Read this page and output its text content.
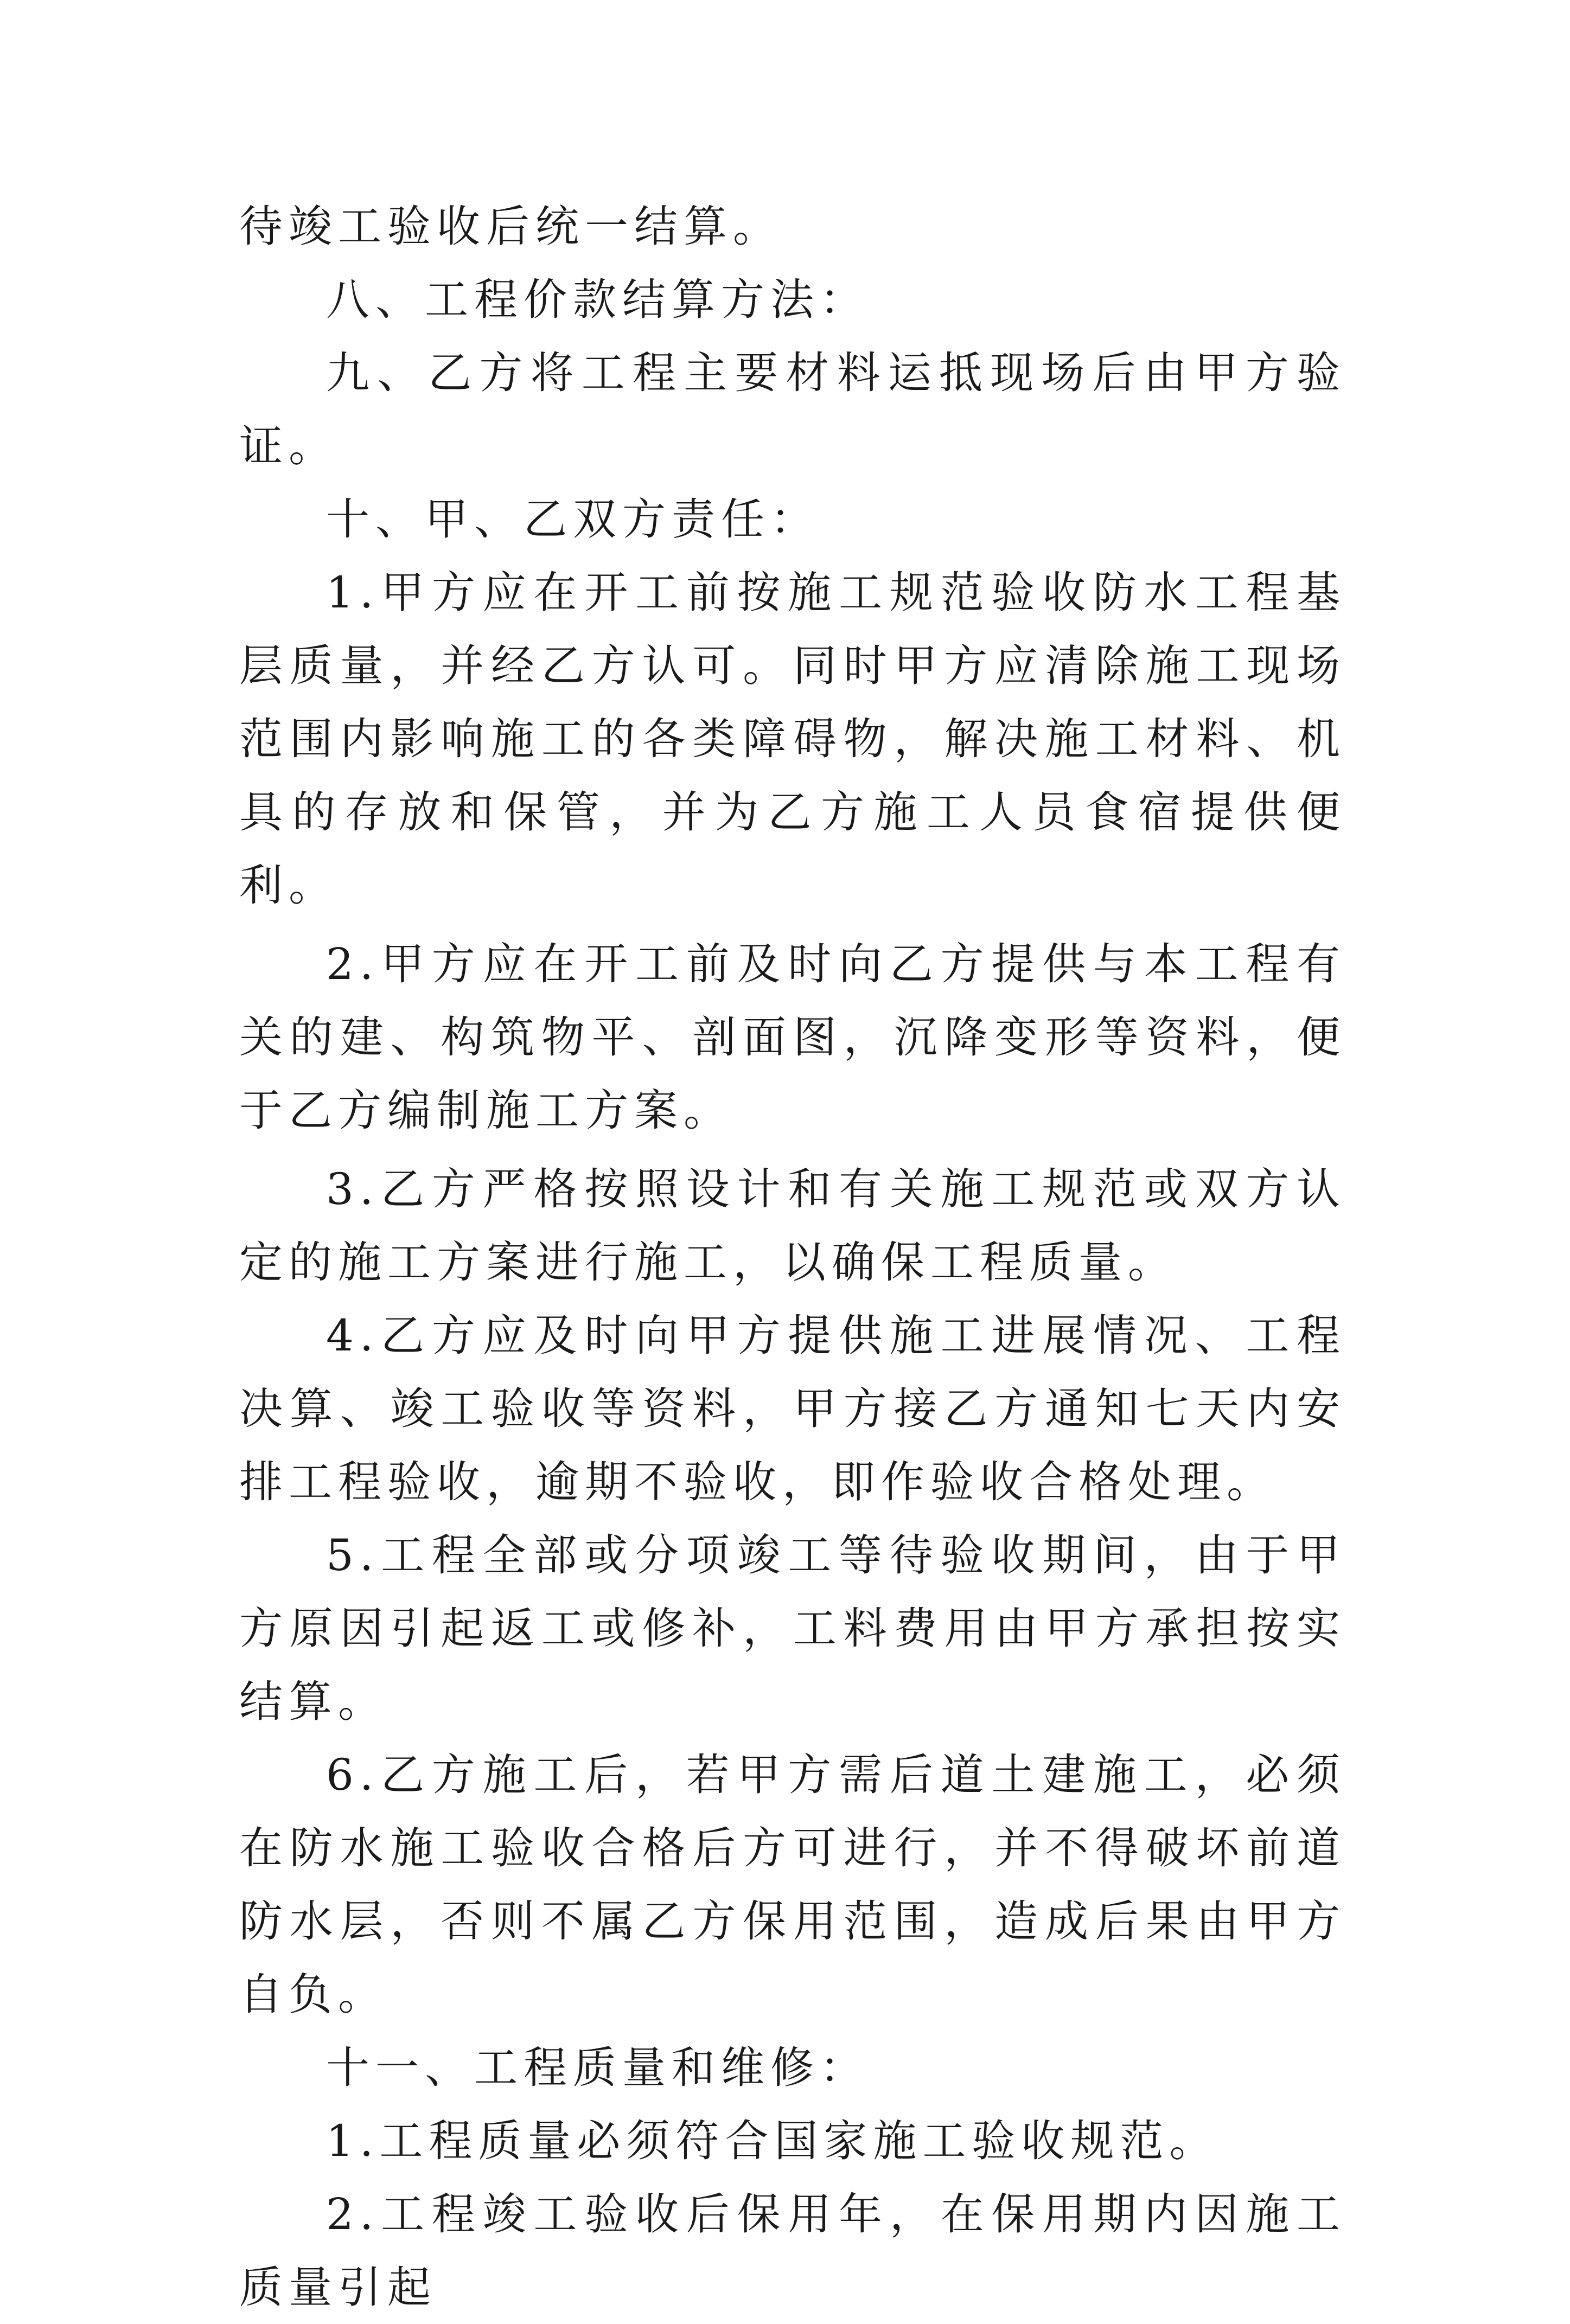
待竣工验收后统一结算。

八、工程价款结算方法：

九、乙方将工程主要材料运抵现场后由甲方验证。

十、甲、乙双方责任：

1.甲方应在开工前按施工规范验收防水工程基层质量，并经乙方认可。同时甲方应清除施工现场范围内影响施工的各类障碍物，解决施工材料、机具的存放和保管，并为乙方施工人员食宿提供便利。

2.甲方应在开工前及时向乙方提供与本工程有关的建、构筑物平、剖面图，沉降变形等资料，便于乙方编制施工方案。

3.乙方严格按照设计和有关施工规范或双方认定的施工方案进行施工，以确保工程质量。

4.乙方应及时向甲方提供施工进展情况、工程决算、竣工验收等资料，甲方接乙方通知七天内安排工程验收，逾期不验收，即作验收合格处理。

5.工程全部或分项竣工等待验收期间，由于甲方原因引起返工或修补，工料费用由甲方承担按实结算。

6.乙方施工后，若甲方需后道土建施工，必须在防水施工验收合格后方可进行，并不得破坏前道防水层，否则不属乙方保用范围，造成后果由甲方自负。

十一、工程质量和维修：

1.工程质量必须符合国家施工验收规范。

2.工程竣工验收后保用年，在保用期内因施工质量引起
